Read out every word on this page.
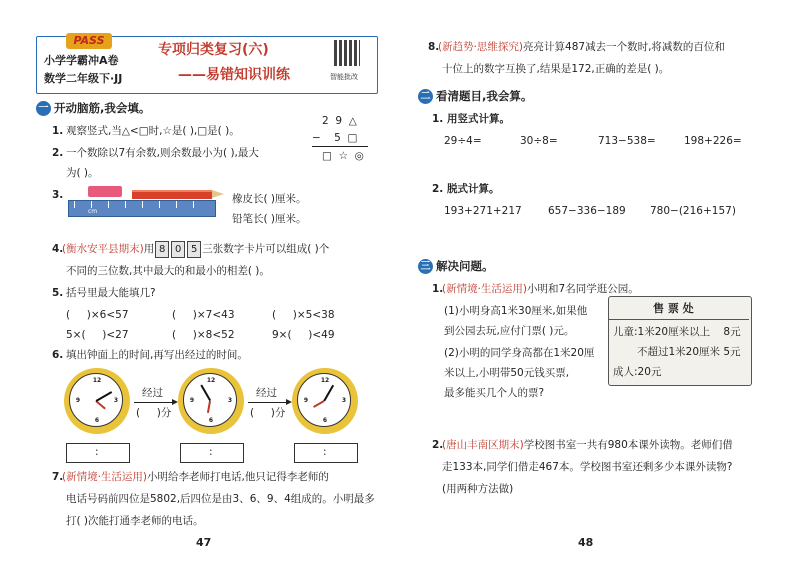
PASS
小学学霸冲A卷
数学二年级下·JJ
专项归类复习(六)
——易错知识训练	智能批改
一 开动脑筋,我会填。
1. 观察竖式,当△<□时,☆是( ),□是( )。
2  9  △
−    5  □
□  ☆  ◎
2. 一个数除以7有余数,则余数最小为( ),最大
为( )。
3.
cm
橡皮长( )厘米。
铅笔长( )厘米。
4.
(衡水安平县期末)用 8 0 5 三张数字卡片可以组成( )个
不同的三位数,其中最大的和最小的相差( )。
5. 括号里最大能填几?
(     )×6<57	(     )×7<43	(     )×5<38
5×(     )<27	(     )×8<52	9×(     )<49
6. 填出钟面上的时间,再写出经过的时间。
12
3
6
9
经过
(     )分
12
3
6
9
经过
(     )分
12
3
6
9
:	:	:
7.
(新情境·生活运用)小明给李老师打电话,他只记得李老师的
电话号码前四位是5802,后四位是由3、6、9、4组成的。小明最多
打( )次能打通李老师的电话。
47
8.
(新趋势·思维探究)亮亮计算487减去一个数时,将减数的百位和
十位上的数字互换了,结果是172,正确的差是( )。
二 看清题目,我会算。
1. 用竖式计算。
29÷4=	30÷8=	713−538=	198+226=
2. 脱式计算。
193+271+217	657−336−189 780−(216+157)
三 解决问题。
1.
(新情境·生活运用)小明和7名同学逛公园。
(1)小明身高1米30厘米,如果他
到公园去玩,应付门票( )元。
(2)小明的同学身高都在1米20厘
米以上,小明带50元钱买票,
最多能买几个人的票?
售 票 处
儿童:1米20厘米以上    8元
不超过1米20厘米 5元
成人:20元
2.
(唐山丰南区期末)学校图书室一共有980本课外读物。老师们借
走133本,同学们借走467本。学校图书室还剩多少本课外读物?
(用两种方法做)
48
